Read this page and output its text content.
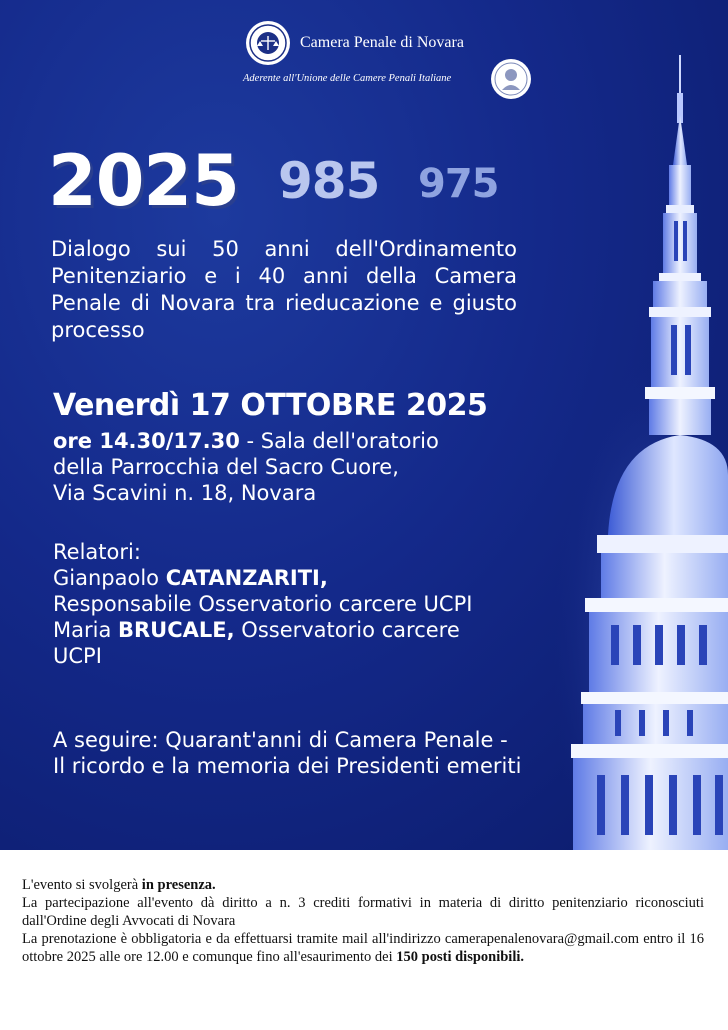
Camera Penale di Novara
Aderente all'Unione delle Camere Penali Italiane
2025 985 975

Dialogo sui 50 anni dell'Ordinamento Penitenziario e i 40 anni della Camera Penale di Novara tra rieducazione e giusto processo

Venerdì 17 OTTOBRE 2025

ore 14.30/17.30 - Sala dell'oratorio
della Parrocchia del Sacro Cuore,
Via Scavini n. 18, Novara

Relatori:
Gianpaolo CATANZARITI,
Responsabile Osservatorio carcere UCPI
Maria BRUCALE, Osservatorio carcere UCPI

A seguire: Quarant'anni di Camera Penale - Il ricordo e la memoria dei Presidenti emeriti

L'evento si svolgerà in presenza.

La partecipazione all'evento dà diritto a n. 3 crediti formativi in materia di diritto penitenziario riconosciuti dall'Ordine degli Avvocati di Novara

La prenotazione è obbligatoria e da effettuarsi tramite mail all'indirizzo camerapenalenovara@gmail.com entro il 16 ottobre 2025 alle ore 12.00 e comunque fino all'esaurimento dei 150 posti disponibili.
